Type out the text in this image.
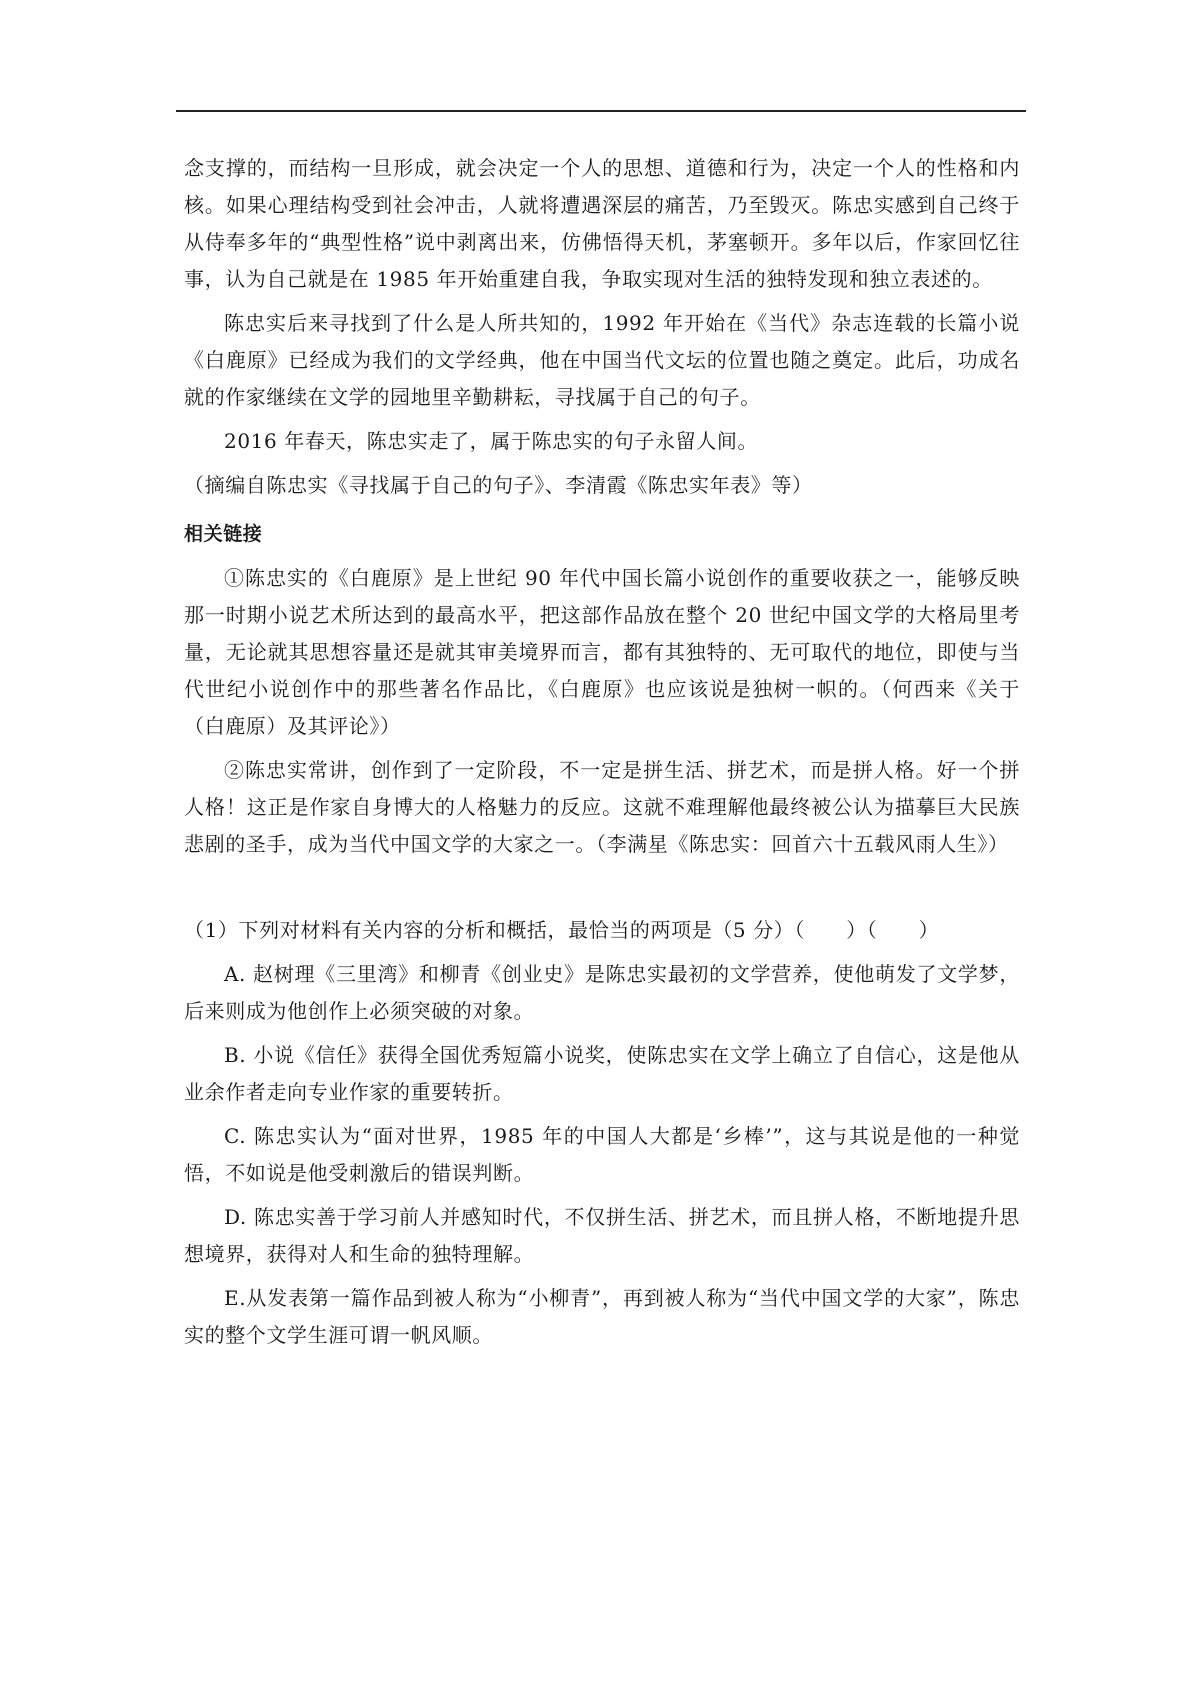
念支撑的，而结构一旦形成，就会决定一个人的思想、道德和行为，决定一个人的性格和内核。如果心理结构受到社会冲击，人就将遭遇深层的痛苦，乃至毁灭。陈忠实感到自己终于从侍奉多年的“典型性格”说中剥离出来，仿佛悟得天机，茅塞顿开。多年以后，作家回忆往事，认为自己就是在 1985 年开始重建自我，争取实现对生活的独特发现和独立表述的。

陈忠实后来寻找到了什么是人所共知的，1992 年开始在《当代》杂志连载的长篇小说《白鹿原》已经成为我们的文学经典，他在中国当代文坛的位置也随之奠定。此后，功成名就的作家继续在文学的园地里辛勤耕耘，寻找属于自己的句子。

2016 年春天，陈忠实走了，属于陈忠实的句子永留人间。

（摘编自陈忠实《寻找属于自己的句子》、李清霞《陈忠实年表》等）

相关链接

①陈忠实的《白鹿原》是上世纪 90 年代中国长篇小说创作的重要收获之一，能够反映那一时期小说艺术所达到的最高水平，把这部作品放在整个 20 世纪中国文学的大格局里考量，无论就其思想容量还是就其审美境界而言，都有其独特的、无可取代的地位，即使与当代世纪小说创作中的那些著名作品比，《白鹿原》也应该说是独树一帜的。（何西来《关于（白鹿原）及其评论》）

②陈忠实常讲，创作到了一定阶段，不一定是拼生活、拼艺术，而是拼人格。好一个拼人格！这正是作家自身博大的人格魅力的反应。这就不难理解他最终被公认为描摹巨大民族悲剧的圣手，成为当代中国文学的大家之一。（李满星《陈忠实：回首六十五载风雨人生》）

（1）下列对材料有关内容的分析和概括，最恰当的两项是（5 分）（　　）（　　）

A. 赵树理《三里湾》和柳青《创业史》是陈忠实最初的文学营养，使他萌发了文学梦，后来则成为他创作上必须突破的对象。

B. 小说《信任》获得全国优秀短篇小说奖，使陈忠实在文学上确立了自信心，这是他从业余作者走向专业作家的重要转折。

C. 陈忠实认为“面对世界，1985 年的中国人大都是‘乡棒’”，这与其说是他的一种觉悟，不如说是他受刺激后的错误判断。

D. 陈忠实善于学习前人并感知时代，不仅拼生活、拼艺术，而且拼人格，不断地提升思想境界，获得对人和生命的独特理解。

E.从发表第一篇作品到被人称为“小柳青”，再到被人称为“当代中国文学的大家”，陈忠实的整个文学生涯可谓一帆风顺。
